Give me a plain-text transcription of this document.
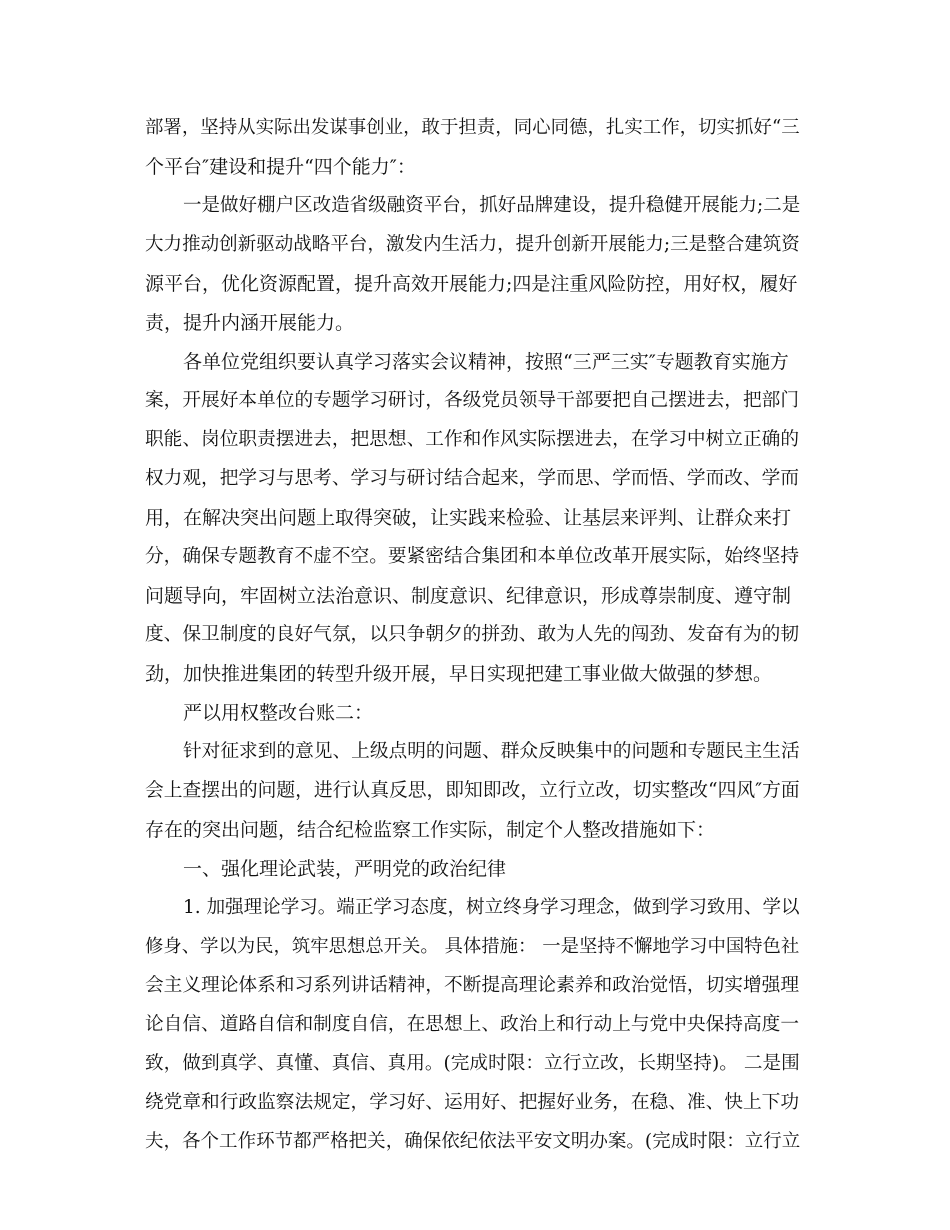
部署，坚持从实际出发谋事创业，敢于担责，同心同德，扎实工作，切实抓好“三
个平台″建设和提升“四个能力″：
一是做好棚户区改造省级融资平台，抓好品牌建设，提升稳健开展能力;二是
大力推动创新驱动战略平台，激发内生活力，提升创新开展能力;三是整合建筑资
源平台，优化资源配置，提升高效开展能力;四是注重风险防控，用好权，履好
责，提升内涵开展能力。
各单位党组织要认真学习落实会议精神，按照“三严三实″专题教育实施方
案，开展好本单位的专题学习研讨，各级党员领导干部要把自己摆进去，把部门
职能、岗位职责摆进去，把思想、工作和作风实际摆进去，在学习中树立正确的
权力观，把学习与思考、学习与研讨结合起来，学而思、学而悟、学而改、学而
用，在解决突出问题上取得突破，让实践来检验、让基层来评判、让群众来打
分，确保专题教育不虚不空。要紧密结合集团和本单位改革开展实际，始终坚持
问题导向，牢固树立法治意识、制度意识、纪律意识，形成尊崇制度、遵守制
度、保卫制度的良好气氛，以只争朝夕的拼劲、敢为人先的闯劲、发奋有为的韧
劲，加快推进集团的转型升级开展，早日实现把建工事业做大做强的梦想。
严以用权整改台账二：
针对征求到的意见、上级点明的问题、群众反映集中的问题和专题民主生活
会上查摆出的问题，进行认真反思，即知即改，立行立改，切实整改“四风″方面
存在的突出问题，结合纪检监察工作实际，制定个人整改措施如下：
一、强化理论武装，严明党的政治纪律
1. 加强理论学习。端正学习态度，树立终身学习理念，做到学习致用、学以
修身、学以为民，筑牢思想总开关。 具体措施： 一是坚持不懈地学习中国特色社
会主义理论体系和习系列讲话精神，不断提高理论素养和政治觉悟，切实增强理
论自信、道路自信和制度自信，在思想上、政治上和行动上与党中央保持高度一
致，做到真学、真懂、真信、真用。(完成时限：立行立改，长期坚持)。 二是围
绕党章和行政监察法规定，学习好、运用好、把握好业务，在稳、准、快上下功
夫，各个工作环节都严格把关，确保依纪依法平安文明办案。(完成时限：立行立
